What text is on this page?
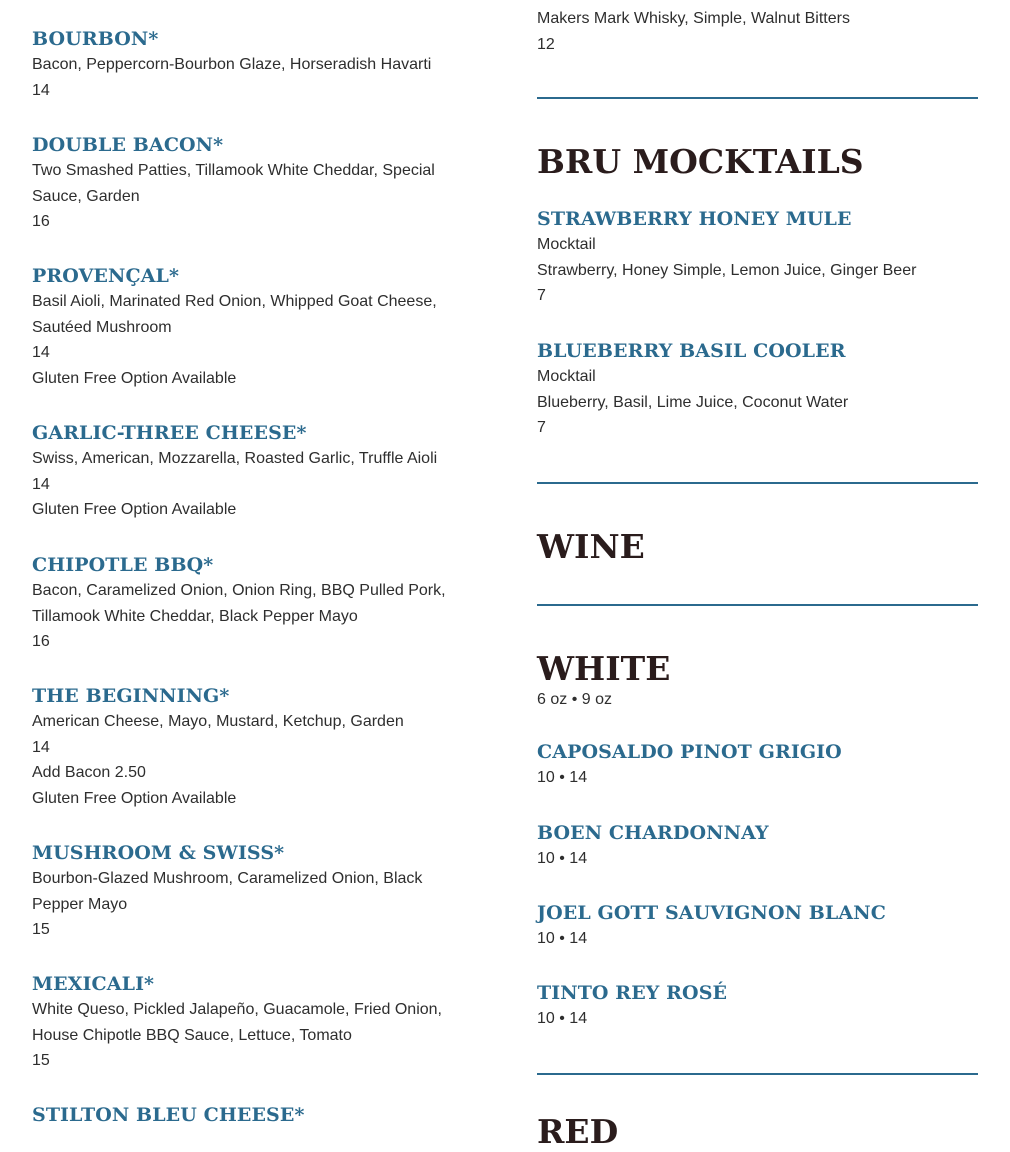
BOURBON*
Bacon, Peppercorn-Bourbon Glaze, Horseradish Havarti
14
DOUBLE BACON*
Two Smashed Patties, Tillamook White Cheddar, Special
Sauce, Garden
16
PROVENÇAL*
Basil Aioli, Marinated Red Onion, Whipped Goat Cheese,
Sautéed Mushroom
14
Gluten Free Option Available
GARLIC-THREE CHEESE*
Swiss, American, Mozzarella, Roasted Garlic, Truffle Aioli
14
Gluten Free Option Available
CHIPOTLE BBQ*
Bacon, Caramelized Onion, Onion Ring, BBQ Pulled Pork,
Tillamook White Cheddar, Black Pepper Mayo
16
THE BEGINNING*
American Cheese, Mayo, Mustard, Ketchup, Garden
14
Add Bacon 2.50
Gluten Free Option Available
MUSHROOM & SWISS*
Bourbon-Glazed Mushroom, Caramelized Onion, Black
Pepper Mayo
15
MEXICALI*
White Queso, Pickled Jalapeño, Guacamole, Fried Onion,
House Chipotle BBQ Sauce, Lettuce, Tomato
15
STILTON BLEU CHEESE*
Makers Mark Whisky, Simple, Walnut Bitters
12
BRU MOCKTAILS
STRAWBERRY HONEY MULE
Mocktail
Strawberry, Honey Simple, Lemon Juice, Ginger Beer
7
BLUEBERRY BASIL COOLER
Mocktail
Blueberry, Basil, Lime Juice, Coconut Water
7
WINE
WHITE
6 oz • 9 oz
CAPOSALDO PINOT GRIGIO
10 • 14
BOEN CHARDONNAY
10 • 14
JOEL GOTT SAUVIGNON BLANC
10 • 14
TINTO REY ROSÉ
10 • 14
RED
